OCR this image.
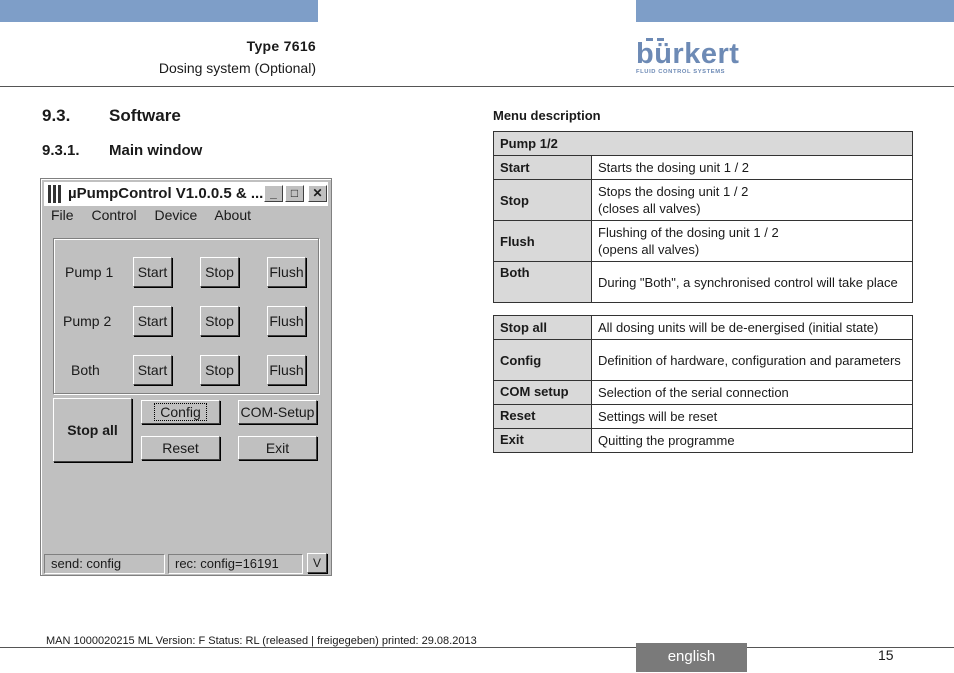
Type 7616
Dosing system (Optional)	bürkert
FLUID CONTROL SYSTEMS
9.3. Software
9.3.1. Main window
µPumpControl V1.0.0.5 & ... _	□	✕
File Control Device About
Pump 1	Start	Stop	Flush
Pump 2	Start	Stop	Flush
Both	Start	Stop	Flush
Stop all
Config	COM-Setup
Reset	Exit
send: config	rec: config=16191	V
Menu description
Pump 1/2	
Start	Starts the dosing unit 1 / 2
Stop	Stops the dosing unit 1 / 2
(closes all valves)

Flush	Flushing of the dosing unit 1 / 2
(opens all valves)

Both	During "Both", a synchronised control will take place
Stop all	All dosing units will be de-energised (initial state)
Config	Definition of hardware, configuration and parameters
COM setup	Selection of the serial connection
Reset	Settings will be reset
Exit	Quitting the programme
MAN 1000020215 ML Version: F Status: RL (released | freigegeben) printed: 29.08.2013
english	15
